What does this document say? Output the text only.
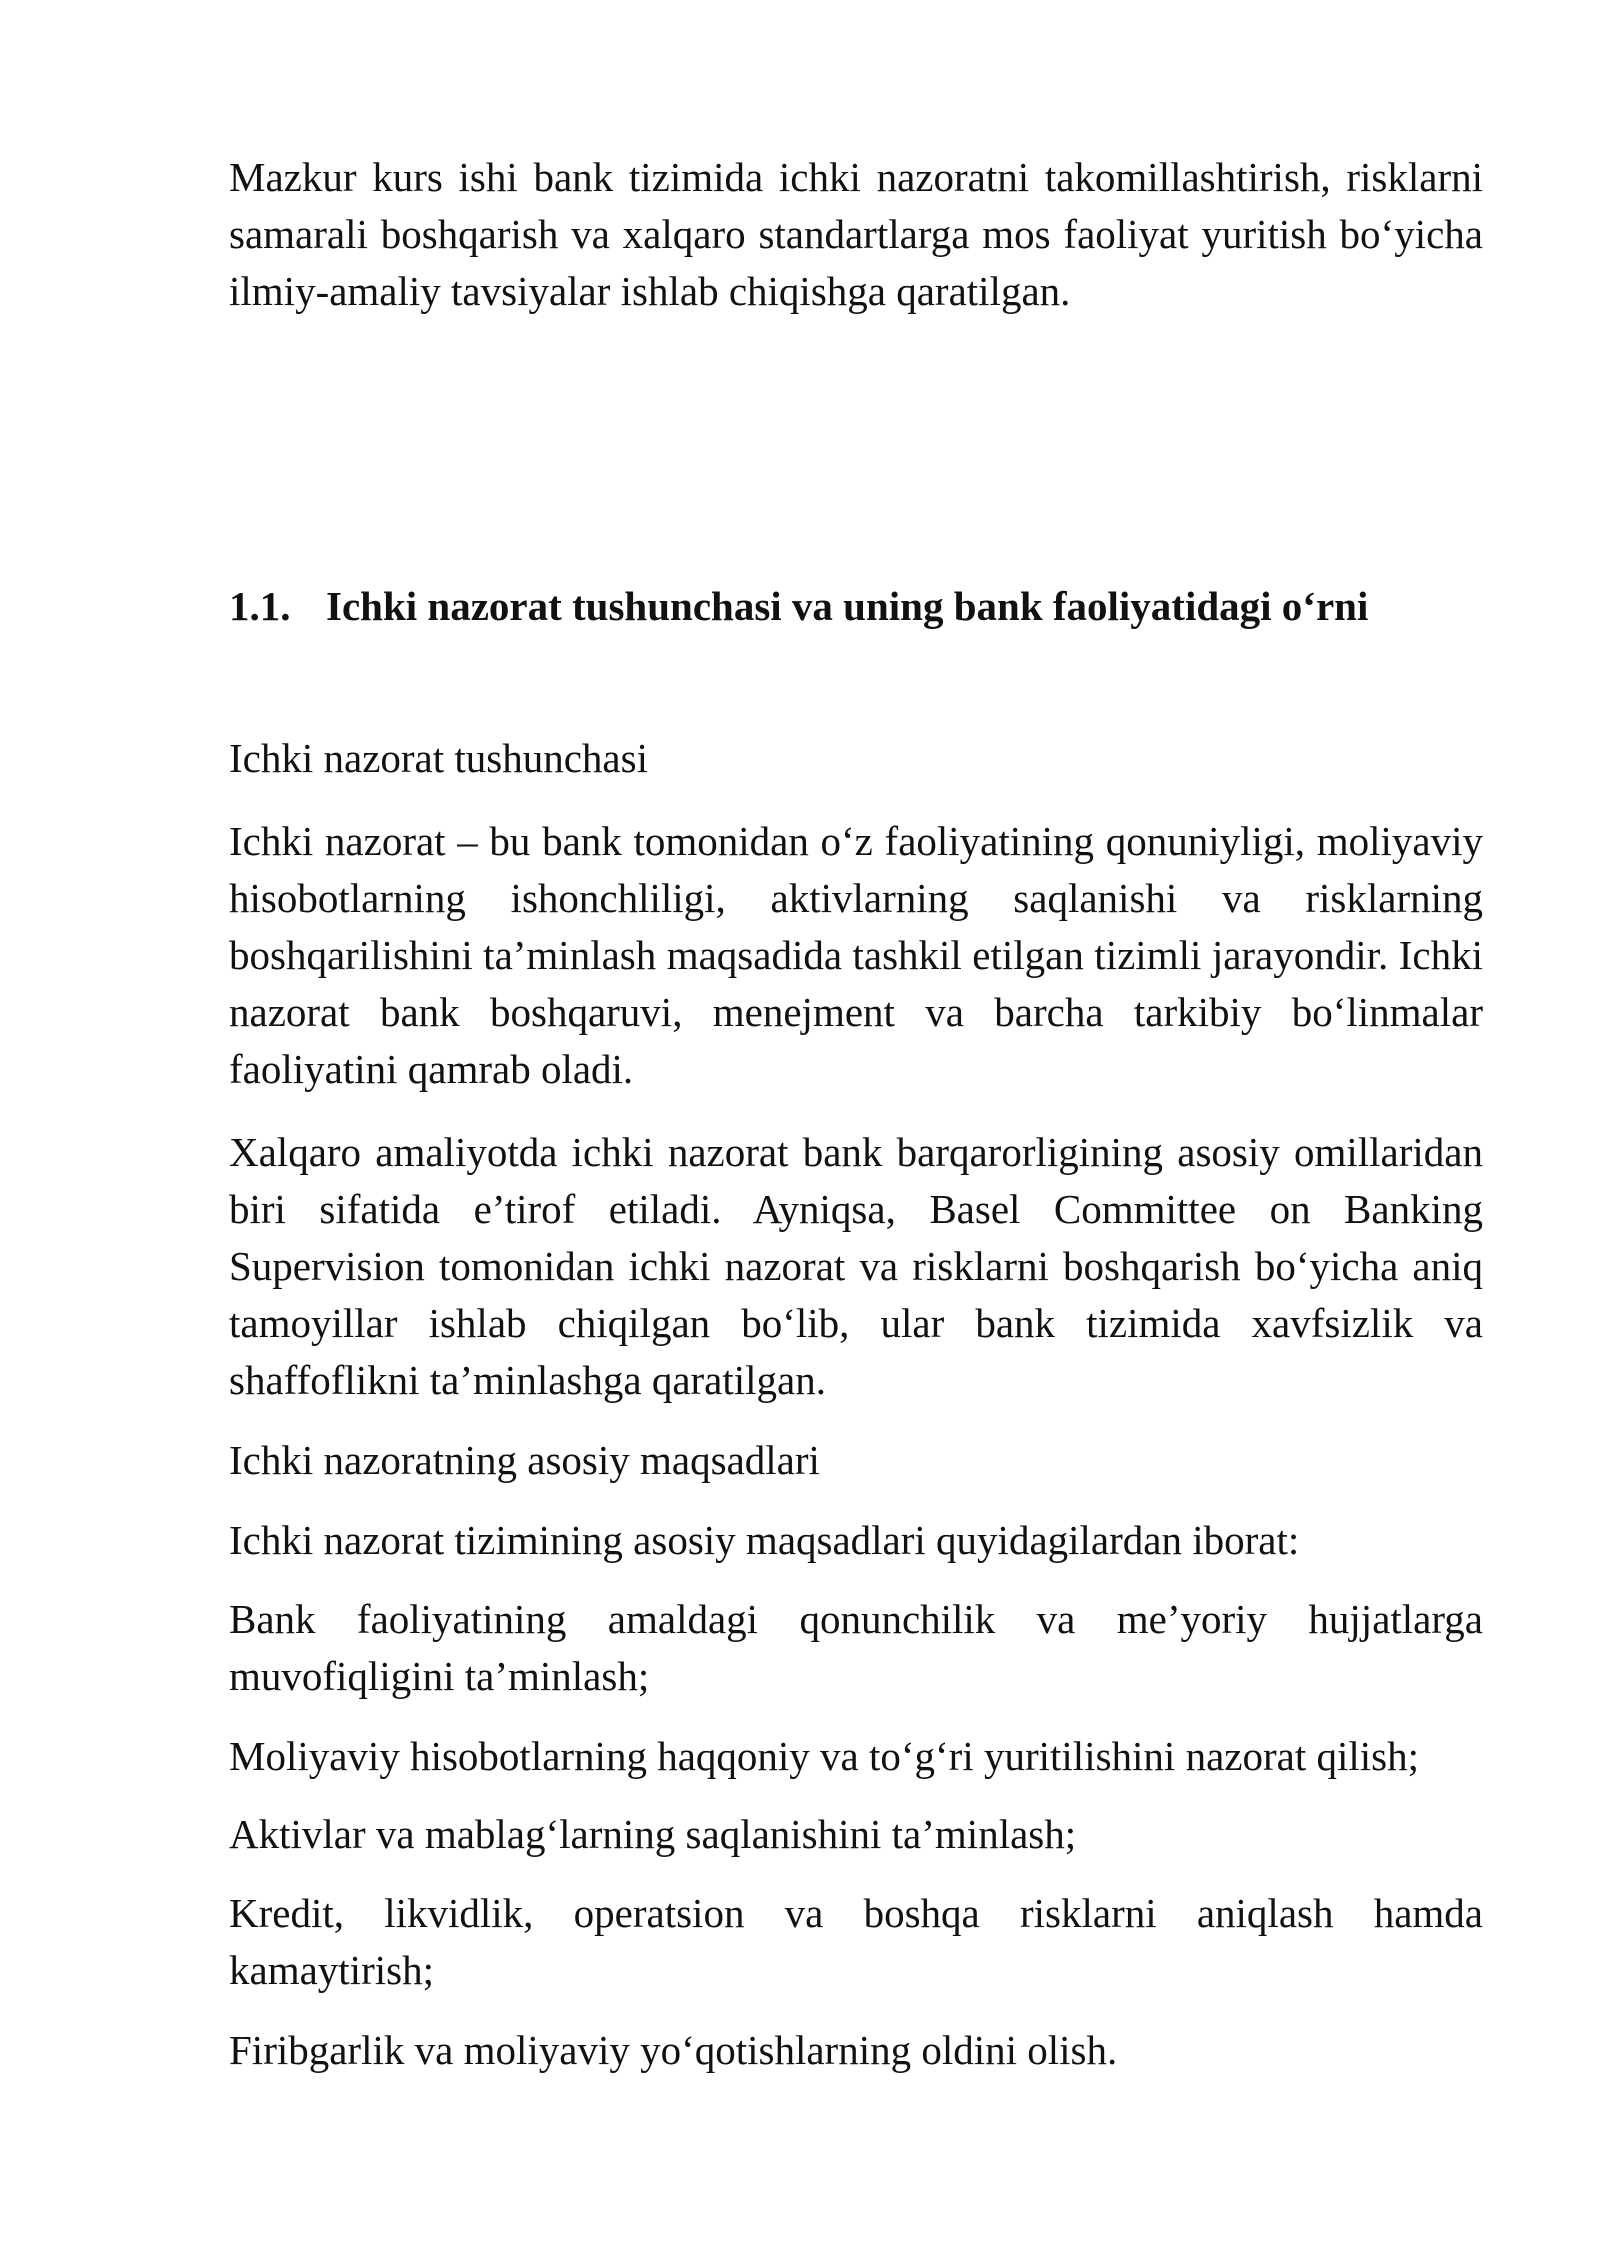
Mazkur kurs ishi bank tizimida ichki nazoratni takomillashtirish, risklarni samarali boshqarish va xalqaro standartlarga mos faoliyat yuritish bo‘yicha ilmiy-amaliy tavsiyalar ishlab chiqishga qaratilgan.

1.1. Ichki nazorat tushunchasi va uning bank faoliyatidagi o‘rni

Ichki nazorat tushunchasi

Ichki nazorat – bu bank tomonidan o‘z faoliyatining qonuniyligi, moliyaviy hisobotlarning ishonchliligi, aktivlarning saqlanishi va risklarning boshqarilishini ta’minlash maqsadida tashkil etilgan tizimli jarayondir. Ichki nazorat bank boshqaruvi, menejment va barcha tarkibiy bo‘linmalar faoliyatini qamrab oladi.

Xalqaro amaliyotda ichki nazorat bank barqarorligining asosiy omillaridan biri sifatida e’tirof etiladi. Ayniqsa, Basel Committee on Banking Supervision tomonidan ichki nazorat va risklarni boshqarish bo‘yicha aniq tamoyillar ishlab chiqilgan bo‘lib, ular bank tizimida xavfsizlik va shaffoflikni ta’minlashga qaratilgan.

Ichki nazoratning asosiy maqsadlari

Ichki nazorat tizimining asosiy maqsadlari quyidagilardan iborat:

Bank faoliyatining amaldagi qonunchilik va me’yoriy hujjatlarga muvofiqligini ta’minlash;

Moliyaviy hisobotlarning haqqoniy va to‘g‘ri yuritilishini nazorat qilish;

Aktivlar va mablag‘larning saqlanishini ta’minlash;

Kredit, likvidlik, operatsion va boshqa risklarni aniqlash hamda kamaytirish;

Firibgarlik va moliyaviy yo‘qotishlarning oldini olish.
